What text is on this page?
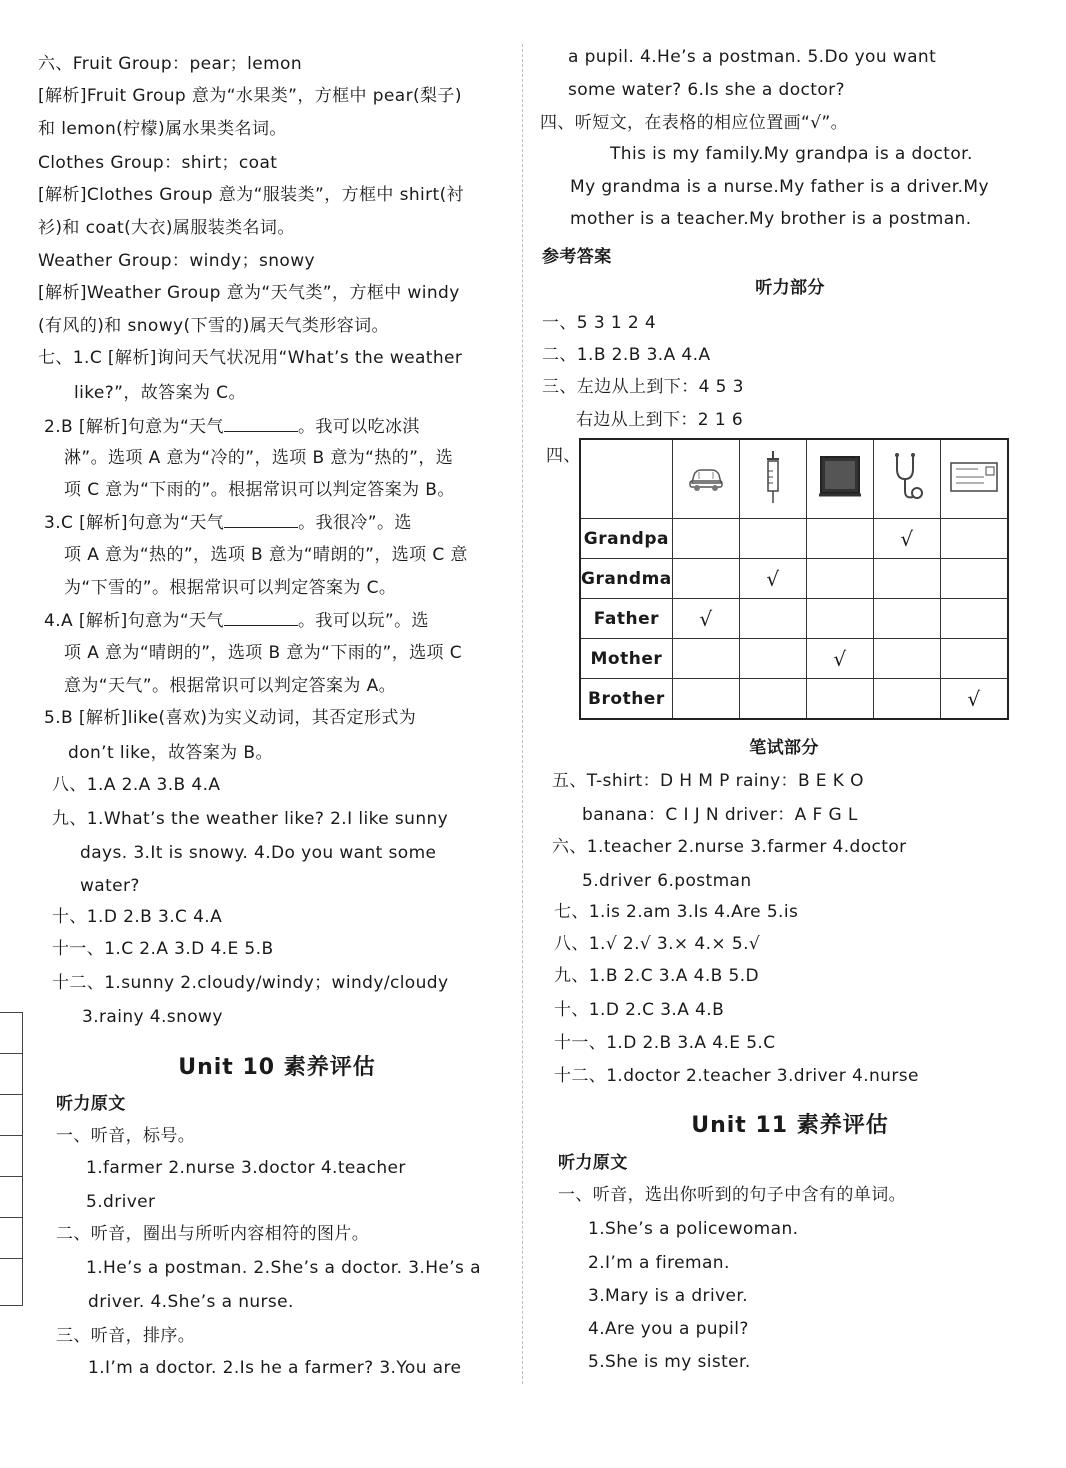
六、Fruit Group：pear；lemon
[解析]Fruit Group 意为“水果类”，方框中 pear(梨子)
和 lemon(柠檬)属水果类名词。
Clothes Group：shirt；coat
[解析]Clothes Group 意为“服装类”，方框中 shirt(衬
衫)和 coat(大衣)属服装类名词。
Weather Group：windy；snowy
[解析]Weather Group 意为“天气类”，方框中 windy
(有风的)和 snowy(下雪的)属天气类形容词。
七、1.C [解析]询问天气状况用“What’s the weather
like?”，故答案为 C。
2.B [解析]句意为“天气	。我可以吃冰淇
淋”。选项 A 意为“冷的”，选项 B 意为“热的”，选
项 C 意为“下雨的”。根据常识可以判定答案为 B。
3.C [解析]句意为“天气	。我很冷”。选
项 A 意为“热的”，选项 B 意为“晴朗的”，选项 C 意
为“下雪的”。根据常识可以判定答案为 C。
4.A [解析]句意为“天气	。我可以玩”。选
项 A 意为“晴朗的”，选项 B 意为“下雨的”，选项 C
意为“天气”。根据常识可以判定答案为 A。
5.B [解析]like(喜欢)为实义动词，其否定形式为
don’t like，故答案为 B。
八、1.A 2.A 3.B 4.A
九、1.What’s the weather like? 2.I like sunny
days. 3.It is snowy. 4.Do you want some
water?
十、1.D 2.B 3.C 4.A
十一、1.C 2.A 3.D 4.E 5.B
十二、1.sunny 2.cloudy/windy；windy/cloudy
3.rainy 4.snowy
Unit 10 素养评估
听力原文
一、听音，标号。
1.farmer 2.nurse 3.doctor 4.teacher
5.driver
二、听音，圈出与所听内容相符的图片。
1.He’s a postman. 2.She’s a doctor. 3.He’s a
driver. 4.She’s a nurse.
三、听音，排序。
1.I’m a doctor. 2.Is he a farmer? 3.You are
a pupil. 4.He’s a postman. 5.Do you want
some water? 6.Is she a doctor?
四、听短文，在表格的相应位置画“√”。
This is my family.My grandpa is a doctor.
My grandma is a nurse.My father is a driver.My
mother is a teacher.My brother is a postman.
参考答案
听力部分
一、5 3 1 2 4
二、1.B 2.B 3.A 4.A
三、左边从上到下：4 5 3
右边从上到下：2 1 6
四、
笔试部分
五、T-shirt：D H M P rainy：B E K O
banana：C I J N driver：A F G L
六、1.teacher 2.nurse 3.farmer 4.doctor
5.driver 6.postman
七、1.is 2.am 3.Is 4.Are 5.is
八、1.√ 2.√ 3.× 4.× 5.√
九、1.B 2.C 3.A 4.B 5.D
十、1.D 2.C 3.A 4.B
十一、1.D 2.B 3.A 4.E 5.C
十二、1.doctor 2.teacher 3.driver 4.nurse
Unit 11 素养评估
听力原文
一、听音，选出你听到的句子中含有的单词。
1.She’s a policewoman.
2.I’m a fireman.
3.Mary is a driver.
4.Are you a pupil?
5.She is my sister.

Grandpa				√	
Grandma		√			
Father	√				
Mother			√		
Brother					√
